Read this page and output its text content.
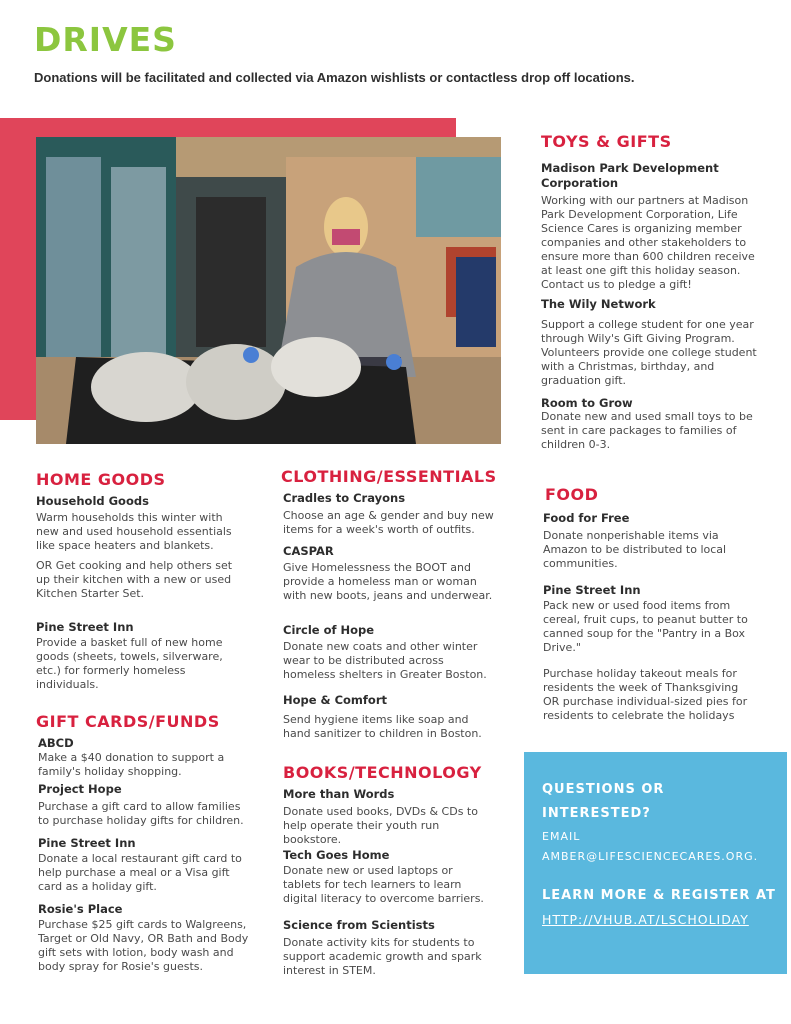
DRIVES
Donations will be facilitated and collected via Amazon wishlists or contactless drop off locations.
TOYS & GIFTS
Madison Park Development Corporation
Working with our partners at Madison Park Development Corporation, Life Science Cares is organizing member companies and other stakeholders to ensure more than 600 children receive at least one gift this holiday season. Contact us to pledge a gift!
The Wily Network
Support a college student for one year through Wily's Gift Giving Program. Volunteers provide one college student with a Christmas, birthday, and graduation gift.
Room to Grow
Donate new and used small toys to be sent in care packages to families of children 0-3.
HOME GOODS
Household Goods
Warm households this winter with new and used household essentials like space heaters and blankets.
OR Get cooking and help others set up their kitchen with a new or used Kitchen Starter Set.
Pine Street Inn
Provide a basket full of new home goods (sheets, towels, silverware, etc.) for formerly homeless individuals.
CLOTHING/ESSENTIALS
Cradles to Crayons
Choose an age & gender and buy new items for a week's worth of outfits.
CASPAR
Give Homelessness the BOOT and provide a homeless man or woman with new boots, jeans and underwear.
Circle of Hope
Donate new coats and other winter wear to be distributed across homeless shelters in Greater Boston.
Hope & Comfort
Send hygiene items like soap and hand sanitizer to children in Boston.
FOOD
Food for Free
Donate nonperishable items via Amazon to be distributed to local communities.
Pine Street Inn
Pack new or used food items from cereal, fruit cups, to peanut butter to canned soup for the "Pantry in a Box Drive."
Purchase holiday takeout meals for residents the week of Thanksgiving OR purchase individual-sized pies for residents to celebrate the holidays
GIFT CARDS/FUNDS
ABCD
Make a $40 donation to support a family's holiday shopping.
Project Hope
Purchase a gift card to allow families to purchase holiday gifts for children.
Pine Street Inn
Donate a local restaurant gift card to help purchase a meal or a Visa gift card as a holiday gift.
Rosie's Place
Purchase $25 gift cards to Walgreens, Target or Old Navy, OR Bath and Body gift sets with lotion, body wash and body spray for Rosie's guests.
BOOKS/TECHNOLOGY
More than Words
Donate used books, DVDs & CDs to help operate their youth run bookstore.
Tech Goes Home
Donate new or used laptops or tablets for tech learners to learn digital literacy to overcome barriers.
Science from Scientists
Donate activity kits for students to support academic growth and spark interest in STEM.
QUESTIONS OR
INTERESTED?
EMAIL
AMBER@LIFESCIENCECARES.ORG.
LEARN MORE & REGISTER AT
HTTP://VHUB.AT/LSCHOLIDAY
